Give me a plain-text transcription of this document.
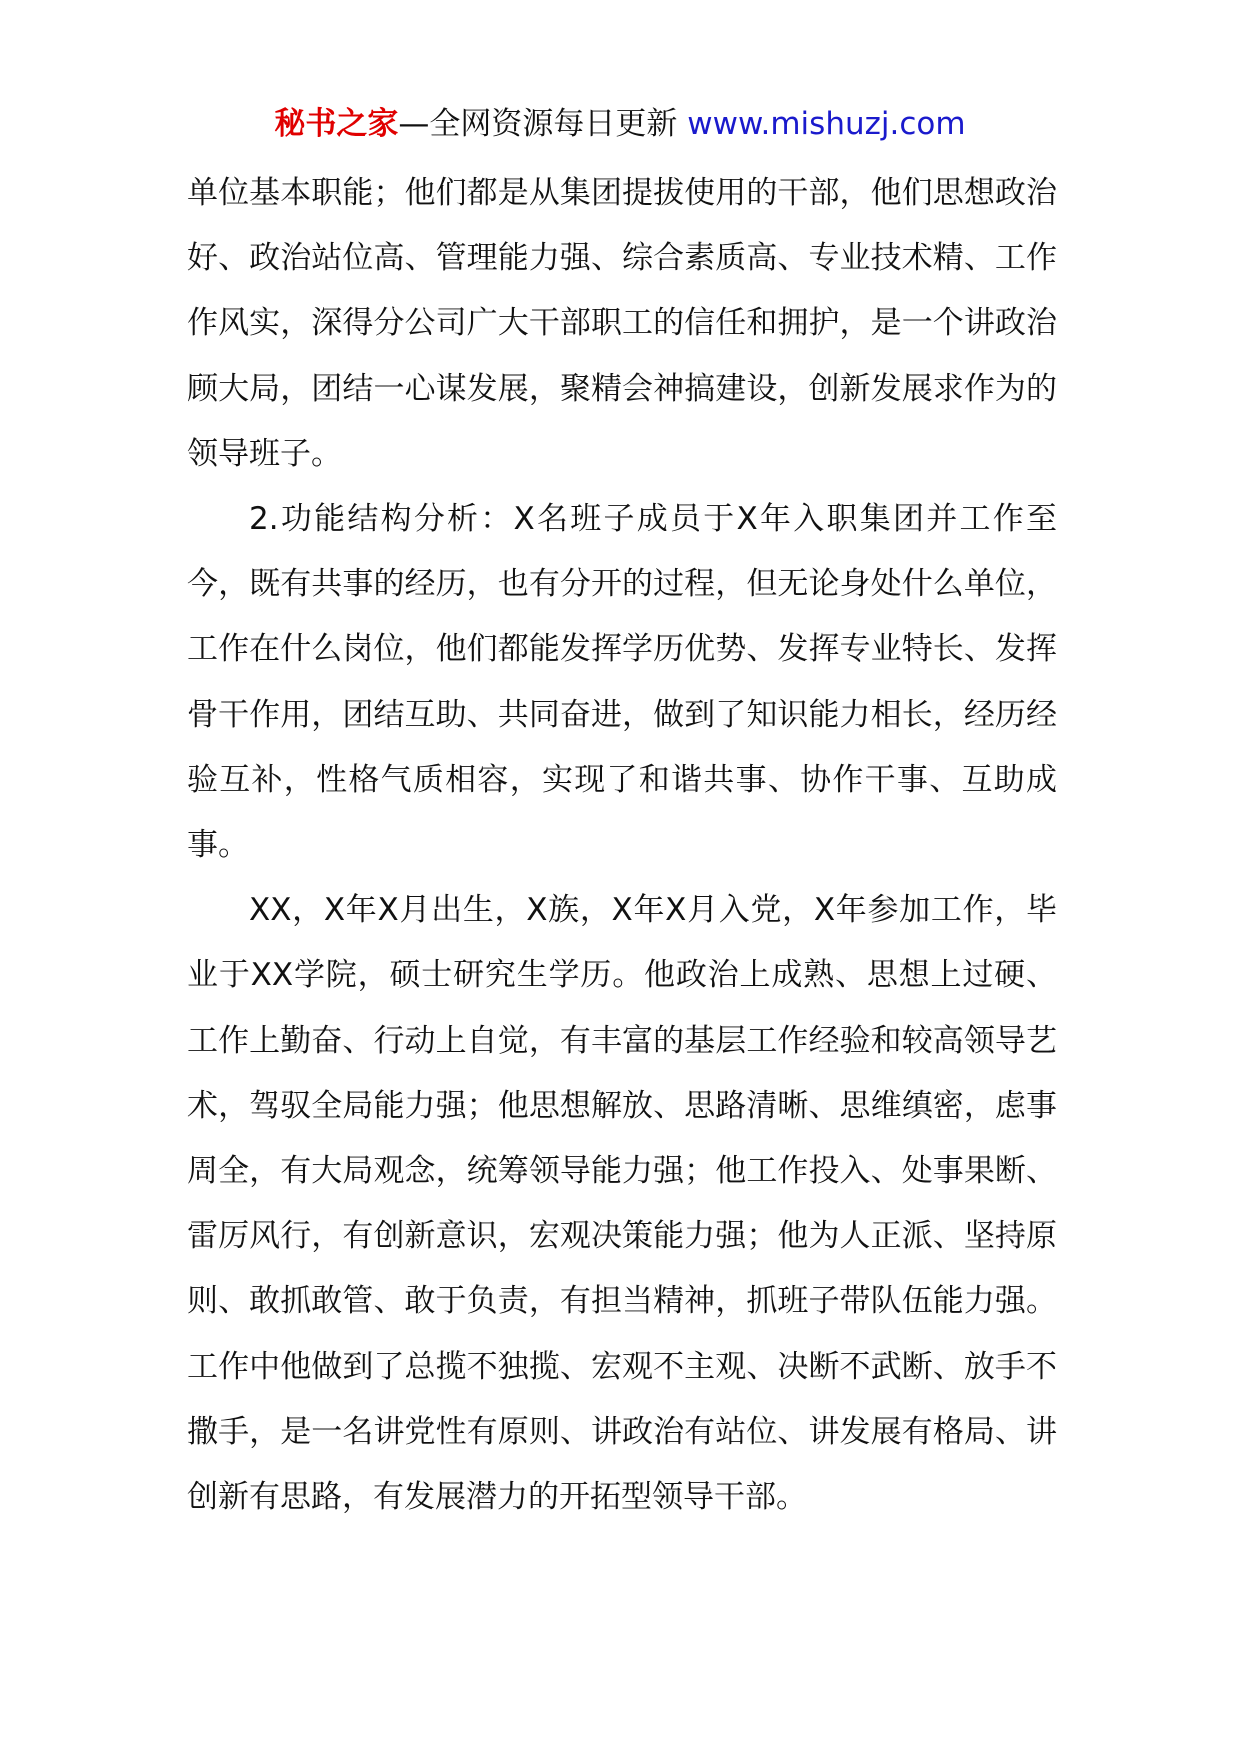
秘书之家—全网资源每日更新 www.mishuzj.com

单位基本职能；他们都是从集团提拔使用的干部，他们思想政治好、政治站位高、管理能力强、综合素质高、专业技术精、工作作风实，深得分公司广大干部职工的信任和拥护，是一个讲政治顾大局，团结一心谋发展，聚精会神搞建设，创新发展求作为的领导班子。

2.功能结构分析：X名班子成员于X年入职集团并工作至今，既有共事的经历，也有分开的过程，但无论身处什么单位，工作在什么岗位，他们都能发挥学历优势、发挥专业特长、发挥骨干作用，团结互助、共同奋进，做到了知识能力相长，经历经验互补，性格气质相容，实现了和谐共事、协作干事、互助成事。

XX，X年X月出生，X族，X年X月入党，X年参加工作，毕业于XX学院，硕士研究生学历。他政治上成熟、思想上过硬、工作上勤奋、行动上自觉，有丰富的基层工作经验和较高领导艺术，驾驭全局能力强；他思想解放、思路清晰、思维缜密，虑事周全，有大局观念，统筹领导能力强；他工作投入、处事果断、雷厉风行，有创新意识，宏观决策能力强；他为人正派、坚持原则、敢抓敢管、敢于负责，有担当精神，抓班子带队伍能力强。工作中他做到了总揽不独揽、宏观不主观、决断不武断、放手不撒手，是一名讲党性有原则、讲政治有站位、讲发展有格局、讲创新有思路，有发展潜力的开拓型领导干部。
